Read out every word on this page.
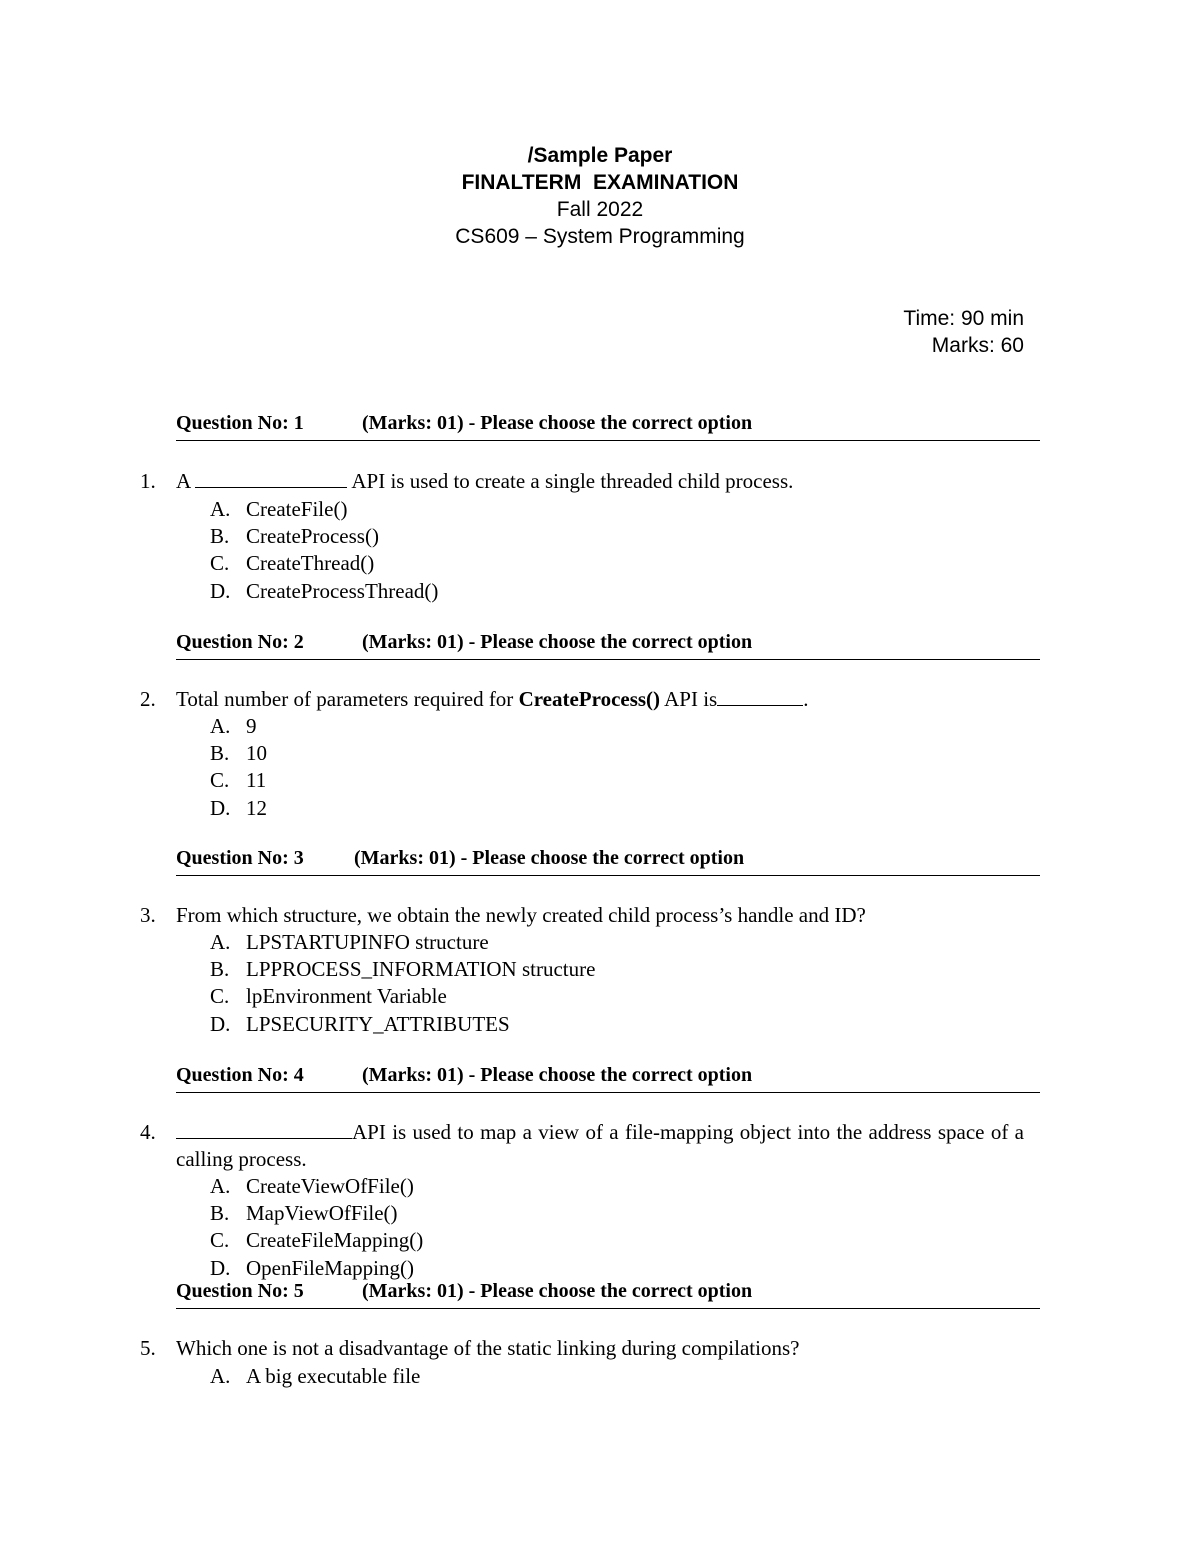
/Sample Paper
FINALTERM  EXAMINATION
Fall 2022
CS609 – System Programming
Time: 90 min
Marks: 60
Question No: 1	(Marks: 01) - Please choose the correct option
1. A	API is used to create a single threaded child process.
A. CreateFile()
B. CreateProcess()
C. CreateThread()
D. CreateProcessThread()
Question No: 2	(Marks: 01) - Please choose the correct option
2. Total number of parameters required for CreateProcess() API is	.
A. 9
B. 10
C. 11
D. 12
Question No: 3	(Marks: 01) - Please choose the correct option
3. From which structure, we obtain the newly created child process’s handle and ID?
A. LPSTARTUPINFO structure
B. LPPROCESS_INFORMATION structure
C. lpEnvironment Variable
D. LPSECURITY_ATTRIBUTES
Question No: 4	(Marks: 01) - Please choose the correct option
4.	API is used to map a view of a file-mapping object into the address space of a calling process.
A. CreateViewOfFile()
B. MapViewOfFile()
C. CreateFileMapping()
D. OpenFileMapping()
Question No: 5	(Marks: 01) - Please choose the correct option
5. Which one is not a disadvantage of the static linking during compilations?
A. A big executable file
